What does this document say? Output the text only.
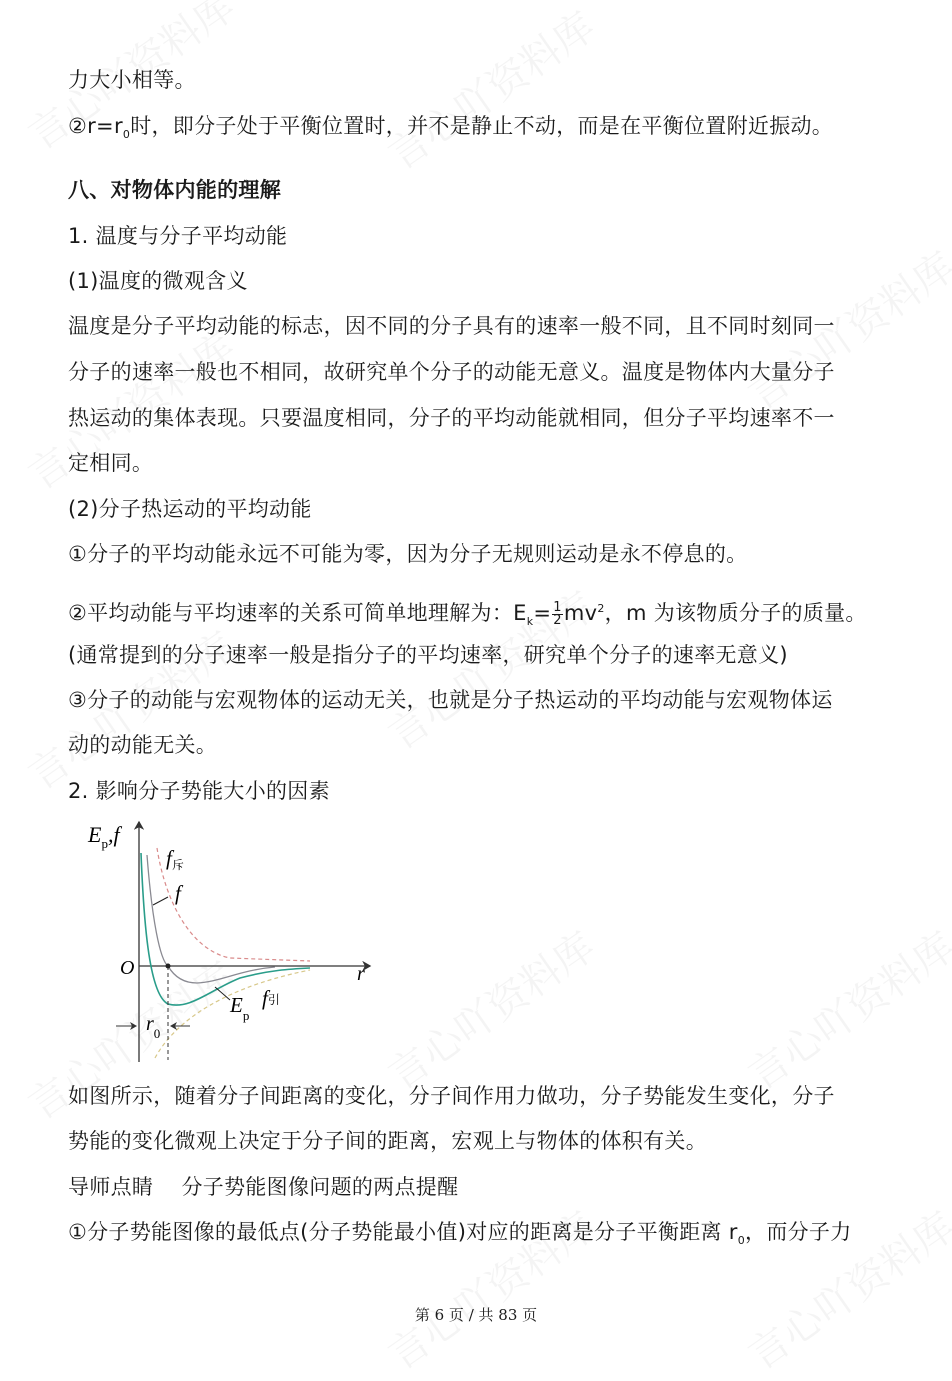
力大小相等。
$②r=r_0$时，即分子处于平衡位置时，并不是静止不动，而是在平衡位置附近振动。
八、对物体内能的理解
1. 温度与分子平均动能
(1)温度的微观含义
温度是分子平均动能的标志，因不同的分子具有的速率一般不同，且不同时刻同一
分子的速率一般也不相同，故研究单个分子的动能无意义。温度是物体内大量分子
热运动的集体表现。只要温度相同，分子的平均动能就相同，但分子平均速率不一
定相同。
(2)分子热运动的平均动能
①分子的平均动能永远不可能为零，因为分子无规则运动是永不停息的。
②平均动能与平均速率的关系可简单地理解为：$E_k= \frac{1}{2} mv^2$，m 为该物质分子的质量。
(通常提到的分子速率一般是指分子的平均速率，研究单个分子的速率无意义)
③分子的动能与宏观物体的运动无关，也就是分子热运动的平均动能与宏观物体运
动的动能无关。
2. 影响分子势能大小的因素
$E_p,f$
O	r
f斥
f
$E_p$
f引
$r_0$
如图所示，随着分子间距离的变化，分子间作用力做功，分子势能发生变化，分子
势能的变化微观上决定于分子间的距离，宏观上与物体的体积有关。
导师点睛　 分子势能图像问题的两点提醒
①分子势能图像的最低点(分子势能最小值)对应的距离是分子平衡距离 $r_0$，而分子力
第 6 页 / 共 83 页
